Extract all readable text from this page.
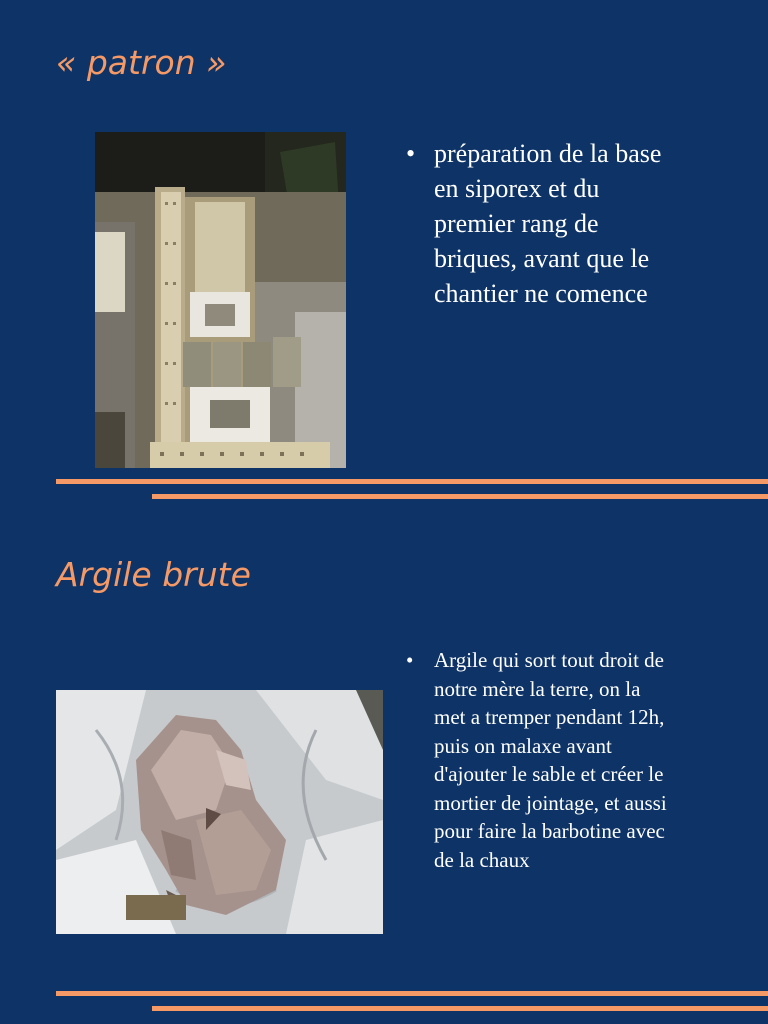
« patron »
• préparation de la base
en siporex et du
premier rang de
briques, avant que le
chantier ne comence
Argile brute
• Argile qui sort tout droit de
notre mère la terre, on la
met a tremper pendant 12h,
puis on malaxe avant
d'ajouter le sable et créer le
mortier de jointage, et aussi
pour faire la barbotine avec
de la chaux
